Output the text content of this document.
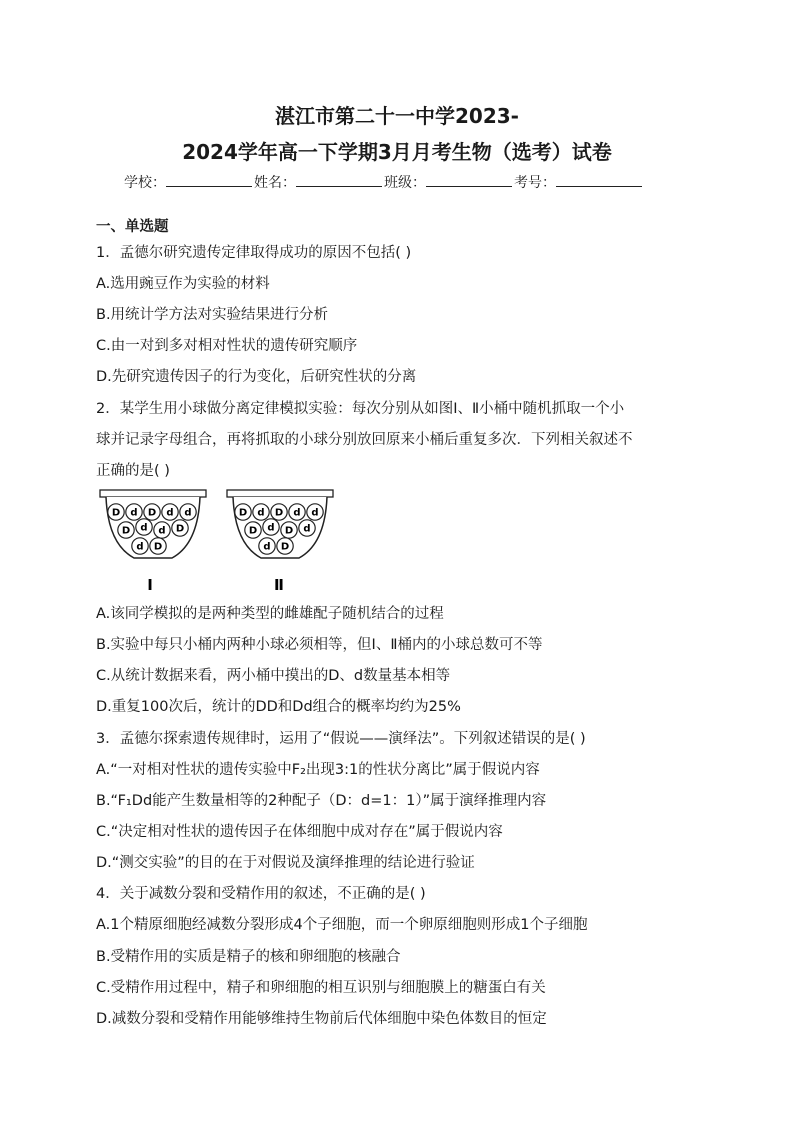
湛江市第二十一中学2023-
2024学年高一下学期3月月考生物（选考）试卷
学校：	姓名：	班级：	考号：
一、单选题
1．孟德尔研究遗传定律取得成功的原因不包括( )
A.选用豌豆作为实验的材料
B.用统计学方法对实验结果进行分析
C.由一对到多对相对性状的遗传研究顺序
D.先研究遗传因子的行为变化，后研究性状的分离
2．某学生用小球做分离定律模拟实验：每次分别从如图Ⅰ、Ⅱ小桶中随机抓取一个小
球并记录字母组合，再将抓取的小球分别放回原来小桶后重复多次．下列相关叙述不
正确的是( )
D d D d d
D d d D
d D
D d D d d
D d D d
d D
Ⅰ	Ⅱ
A.该同学模拟的是两种类型的雌雄配子随机结合的过程
B.实验中每只小桶内两种小球必须相等，但Ⅰ、Ⅱ桶内的小球总数可不等
C.从统计数据来看，两小桶中摸出的D、d数量基本相等
D.重复100次后，统计的DD和Dd组合的概率均约为25%
3．孟德尔探索遗传规律时，运用了“假说——演绎法”。下列叙述错误的是( )
A.“一对相对性状的遗传实验中F₂出现3:1的性状分离比”属于假说内容
B.“F₁Dd能产生数量相等的2种配子（D：d=1：1）”属于演绎推理内容
C.“决定相对性状的遗传因子在体细胞中成对存在”属于假说内容
D.“测交实验”的目的在于对假说及演绎推理的结论进行验证
4．关于减数分裂和受精作用的叙述，不正确的是( )
A.1个精原细胞经减数分裂形成4个子细胞，而一个卵原细胞则形成1个子细胞
B.受精作用的实质是精子的核和卵细胞的核融合
C.受精作用过程中，精子和卵细胞的相互识别与细胞膜上的糖蛋白有关
D.减数分裂和受精作用能够维持生物前后代体细胞中染色体数目的恒定
